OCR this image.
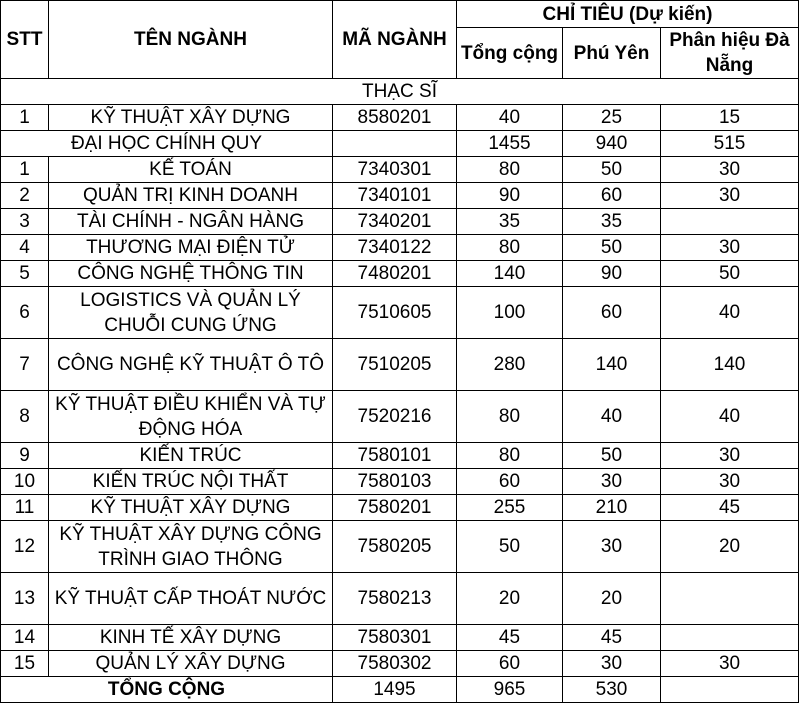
STT	TÊN NGÀNH	MÃ NGÀNH	CHỈ TIÊU (Dự kiến)		
			Tổng cộng	Phú Yên	Phân hiệu Đà Nẵng
THẠC SĨ					
1	KỸ THUẬT XÂY DỰNG	8580201	40	25	15
ĐẠI HỌC CHÍNH QUY			1455	940	515
1	KẾ TOÁN	7340301	80	50	30
2	QUẢN TRỊ KINH DOANH	7340101	90	60	30
3	TÀI CHÍNH - NGÂN HÀNG	7340201	35	35	
4	THƯƠNG MẠI ĐIỆN TỬ	7340122	80	50	30
5	CÔNG NGHỆ THÔNG TIN	7480201	140	90	50
6	LOGISTICS VÀ QUẢN LÝ CHUỖI CUNG ỨNG	7510605	100	60	40
7	CÔNG NGHỆ KỸ THUẬT Ô TÔ	7510205	280	140	140
8	KỸ THUẬT ĐIỀU KHIỂN VÀ TỰ ĐỘNG HÓA	7520216	80	40	40
9	KIẾN TRÚC	7580101	80	50	30
10	KIẾN TRÚC NỘI THẤT	7580103	60	30	30
11	KỸ THUẬT XÂY DỰNG	7580201	255	210	45
12	KỸ THUẬT XÂY DỰNG CÔNG TRÌNH GIAO THÔNG	7580205	50	30	20
13	KỸ THUẬT CẤP THOÁT NƯỚC	7580213	20	20	
14	KINH TẾ XÂY DỰNG	7580301	45	45	
15	QUẢN LÝ XÂY DỰNG	7580302	60	30	30
TỔNG CỘNG		1495	965	530	
